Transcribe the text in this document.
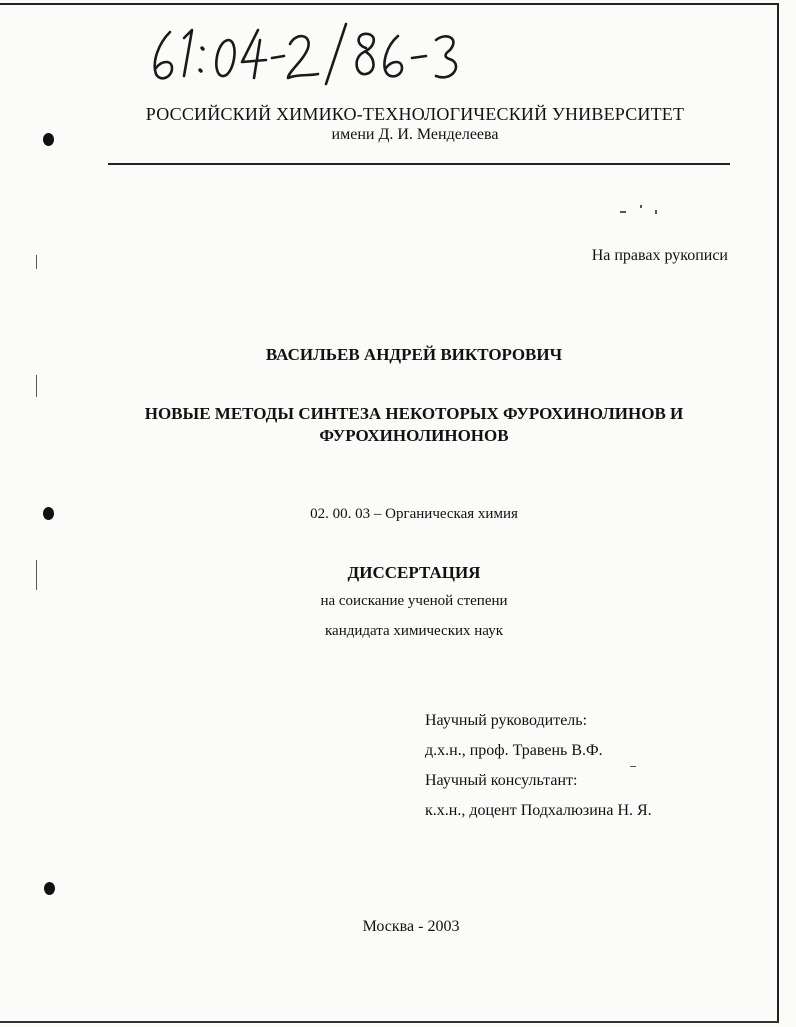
РОССИЙСКИЙ ХИМИКО-ТЕХНОЛОГИЧЕСКИЙ УНИВЕРСИТЕТ
имени Д. И. Менделеева
На правах рукописи
ВАСИЛЬЕВ АНДРЕЙ ВИКТОРОВИЧ
НОВЫЕ МЕТОДЫ СИНТЕЗА НЕКОТОРЫХ ФУРОХИНОЛИНОВ И
ФУРОХИНОЛИНОНОВ
02. 00. 03 – Органическая химия
ДИССЕРТАЦИЯ
на соискание ученой степени
кандидата химических наук
Научный руководитель:
д.х.н., проф. Травень В.Ф.
Научный консультант:
к.х.н., доцент Подхалюзина Н. Я.
Москва - 2003
